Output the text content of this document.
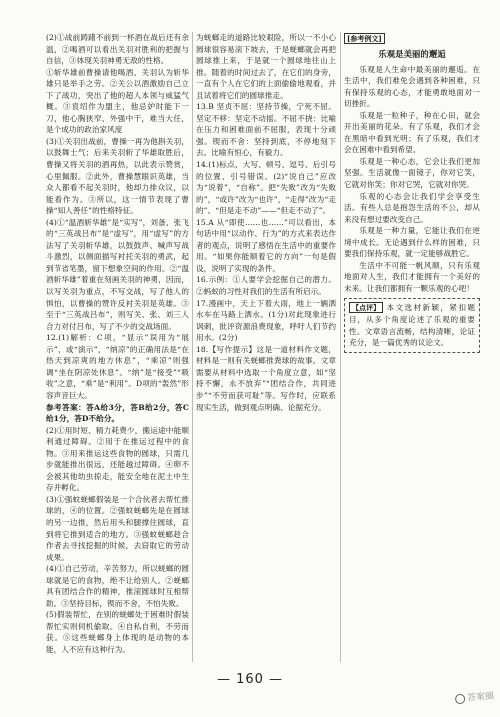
(2)①战前踌躇不前到一杯酒在战后还有余温，②喝酒可以看出关羽对胜利的把握与自信，③体现关羽神勇无敌的性格。

①斩华雄前曹操请他喝酒、关羽认为斩华雄只是举手之劳。②关公以酒激励自己立下了战功，突出了他的超人本领与威猛气概。③袁绍作为盟主，他忌妒时能下一刀，他心胸狭窄、外强中干，难当大任，是个成功的政治家风度

(3)①关羽出战前，曹操一再为他斟关羽，以鼓舞士气；后来关羽斩了华雄取胜后，曹操又将关羽的酒再热，以此表示赞赏，心里佩服。②此外，曹操慧眼识英雄，当众人都看不起关羽时，他却力排众议，以能看作为。③所以，这一情节表现了曹操“知人善任”的性格特征。

(4)①“温酒斩华雄”是“实写”，刘备、张飞的“三英战吕布”是“虚写”，用“虚写”的方法写了关羽斩华雄，以鼓鼓声、喊声写战斗激烈，以侧面描写衬托关羽的勇武，起到节省笔墨，留下想象空间的作用。②“温酒斩华雄”着重在刻画关羽的神勇，因而，以写关羽为重点，不写交战，写了他人的惧怕，以曹操的赞许反衬关羽是英雄。③至于“三英战吕布”，则写关、张、刘三人合力对付吕布，写了不少的交战场面。

12.(1)解析：C项，“显示”误用为“展示”，或“演示”，“纳凉”的正确用法是“在热天到凉爽的地方休息”，“乘凉”则强调“坐在阴凉处休息”。“纳”是“接受”“吸收”之意，“乘”是“利用”。D项的“轰然”形容声音巨大。

参考答案：答A给3分，答B给2分，答C给1分，答D不给分。

(2)①用时短、精力耗费少，搬运途中能顺利通过障碍。②用于在推运过程中的食物。③用来推运这些食物的圆球，只需几步就能推出很远，还能越过障碍。④卵不会被其他幼虫掠走，能安全地在泥土中生存并孵化。

(3)①强蚊蜣螂假装是一个合伙者去帮忙推球的，④的位置。②强蚊蜣螂先是在圆球的另一边推，然后用头和腿撑住圆球，直到将它推到适合的地方。③强蚊蜣螂趁合作者去寻找挖掘的时候，去窃取它的劳动成果。

(4)①自己劳动，辛苦努力，所以蜣螂的圆球就是它的食物，绝不让给别人。②蜣螂具有团结合作的精神，推滚圆球时互相帮助。③坚持目标，锲而不舍，不怕失败。

(5)假装帮忙，在别的蜣螂处于困难时假装帮忙实则伺机偷取。④自私自利，不劳而获。⑤这些蜣螂身上体现的是动物的本能，人不应有这种行为。

为蜣螂走的道路比较艰险，所以一不小心圆球很容易滚下坡去，于是蜣螂就会再把圆球推上来，于是就一个圆球地往山上推。随着的时间过去了，在它们的身旁，一直有个人在它们的上面偷偷地观看，并且试着将它们的圆球推走。

13.B 坚贞不屈：坚持节操，宁死不屈。坚定不移：坚定不动摇。不屈不挠：比喻在压力和困难面前不屈服，表现十分顽强。锲而不舍：坚持到底，不停地刻下去。比喻有恒心，有毅力。

14.(1)标点、大写、顿号、逗号、后引号的位置、引号错误。(2)“说自己”应改为“说着”，“自称”。把“失败”改为“失败的”，“或许”改为“也许”，“走得”改为“走的”。“但是走不动”——“但走不动了”。

15.A 从“即使……也……”可以看出，本句话中用“以动作、行为”的方式来表达作者的观点，说明了感悟在生活中的重要作用。“如果你能顺着它的方向”一句是假设，说明了实现的条件。

16.示例：①人要学会挖掘自己的潜力。②蚂蚁的习性对我们的生活有所启示。

17.漫画中，天上下着大雨，地上一辆洒水车在马路上洒水。(1分)对此现象进行讽刺，批评资源浪费现象，呼吁人们节约用水。(2分)

18.【写作提示】这是一道材料作文题，材料是一则有关蜣螂推粪球的故事。文章需要从材料中选取一个角度立意，如“坚持不懈，永不放弃”“团结合作，共同进步”“不劳而获可耻”等。写作时，应联系现实生活，做到观点明确、论据充分。

[参考例文]
乐观是美丽的邂逅

乐观是人生命中最美丽的邂逅。在生活中，我们难免会遇到各种困难，只有保持乐观的心态，才能勇敢地面对一切挫折。

乐观是一粒种子，种在心田，就会开出美丽的花朵。有了乐观，我们才会在黑暗中看到光明；有了乐观，我们才会在困难中看到希望。

乐观是一种心态，它会让我们更加坚强。生活就像一面镜子，你对它笑，它就对你笑；你对它哭，它就对你哭。

乐观的心态会让我们学会享受生活。有些人总是抱怨生活的不公，却从来没有想过要改变自己。

乐观是一种力量，它能让我们在逆境中成长。无论遇到什么样的困难，只要我们保持乐观，就一定能够战胜它。

生活中不可能一帆风顺，只有乐观地面对人生，我们才能拥有一个美好的未来。让我们都拥有一颗乐观的心吧！

【点评】 本文选材新颖，紧扣题目，从多个角度论述了乐观的重要性。文章语言流畅，结构清晰，论证充分，是一篇优秀的议论文。
— 160 —
答案圈
